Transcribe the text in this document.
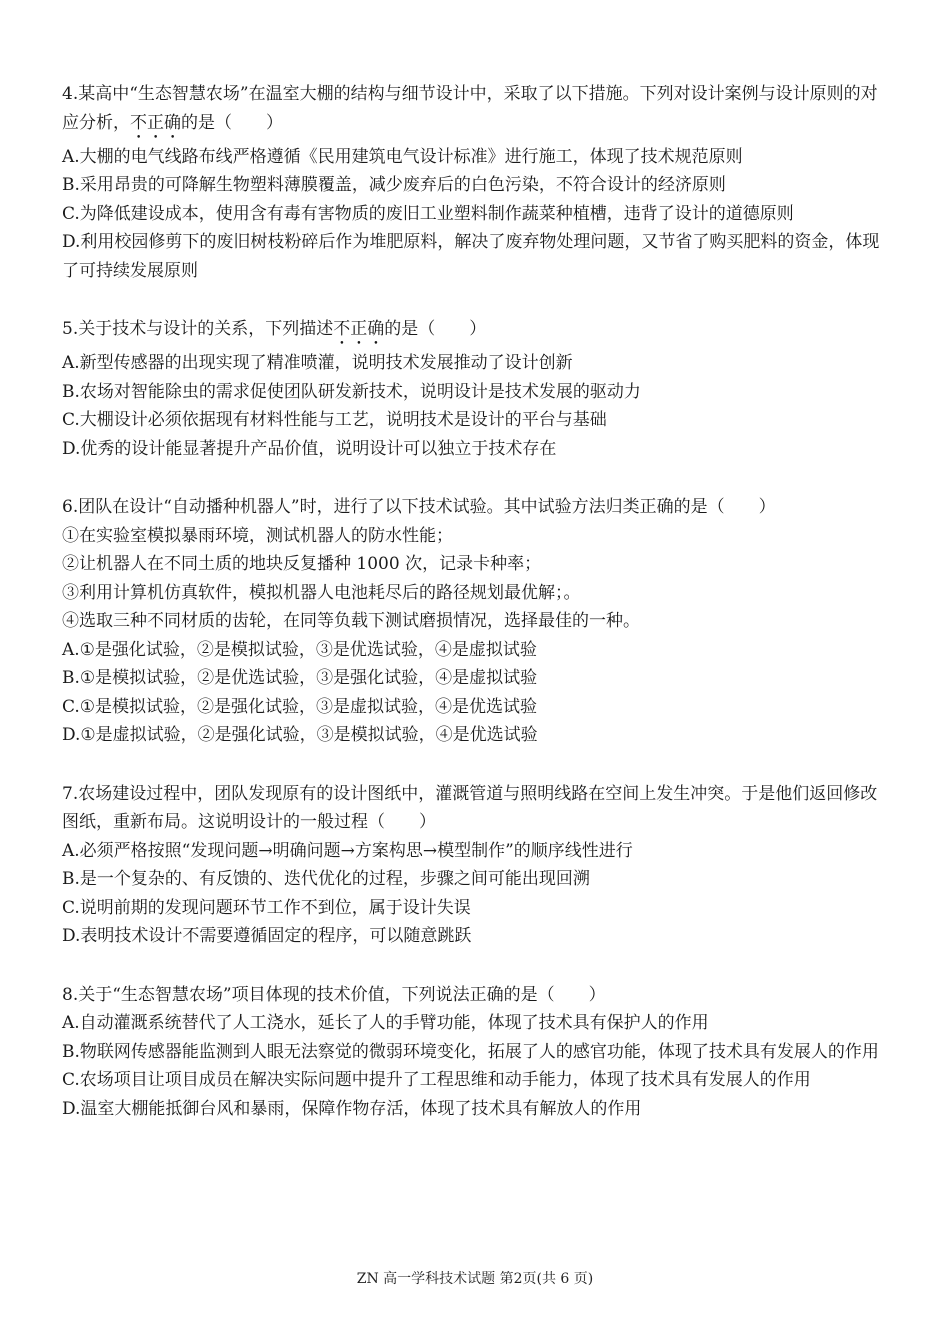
4.某高中“生态智慧农场”在温室大棚的结构与细节设计中，采取了以下措施。下列对设计案例与设计原则的对应分析，不正确的是（　　）
A.大棚的电气线路布线严格遵循《民用建筑电气设计标准》进行施工，体现了技术规范原则
B.采用昂贵的可降解生物塑料薄膜覆盖，减少废弃后的白色污染，不符合设计的经济原则
C.为降低建设成本，使用含有毒有害物质的废旧工业塑料制作蔬菜种植槽，违背了设计的道德原则
D.利用校园修剪下的废旧树枝粉碎后作为堆肥原料，解决了废弃物处理问题，又节省了购买肥料的资金，体现了可持续发展原则
5.关于技术与设计的关系，下列描述不正确的是（　　）
A.新型传感器的出现实现了精准喷灌，说明技术发展推动了设计创新
B.农场对智能除虫的需求促使团队研发新技术，说明设计是技术发展的驱动力
C.大棚设计必须依据现有材料性能与工艺，说明技术是设计的平台与基础
D.优秀的设计能显著提升产品价值，说明设计可以独立于技术存在
6.团队在设计“自动播种机器人”时，进行了以下技术试验。其中试验方法归类正确的是（　　）
①在实验室模拟暴雨环境，测试机器人的防水性能；
②让机器人在不同土质的地块反复播种 1000 次，记录卡种率；
③利用计算机仿真软件，模拟机器人电池耗尽后的路径规划最优解；。
④选取三种不同材质的齿轮，在同等负载下测试磨损情况，选择最佳的一种。
A.①是强化试验，②是模拟试验，③是优选试验，④是虚拟试验
B.①是模拟试验，②是优选试验，③是强化试验，④是虚拟试验
C.①是模拟试验，②是强化试验，③是虚拟试验，④是优选试验
D.①是虚拟试验，②是强化试验，③是模拟试验，④是优选试验
7.农场建设过程中，团队发现原有的设计图纸中，灌溉管道与照明线路在空间上发生冲突。于是他们返回修改图纸，重新布局。这说明设计的一般过程（　　）
A.必须严格按照“发现问题→明确问题→方案构思→模型制作”的顺序线性进行
B.是一个复杂的、有反馈的、迭代优化的过程，步骤之间可能出现回溯
C.说明前期的发现问题环节工作不到位，属于设计失误
D.表明技术设计不需要遵循固定的程序，可以随意跳跃
8.关于“生态智慧农场”项目体现的技术价值，下列说法正确的是（　　）
A.自动灌溉系统替代了人工浇水，延长了人的手臂功能，体现了技术具有保护人的作用
B.物联网传感器能监测到人眼无法察觉的微弱环境变化，拓展了人的感官功能，体现了技术具有发展人的作用
C.农场项目让项目成员在解决实际问题中提升了工程思维和动手能力，体现了技术具有发展人的作用
D.温室大棚能抵御台风和暴雨，保障作物存活，体现了技术具有解放人的作用
ZN 高一学科技术试题 第2页(共 6 页)
